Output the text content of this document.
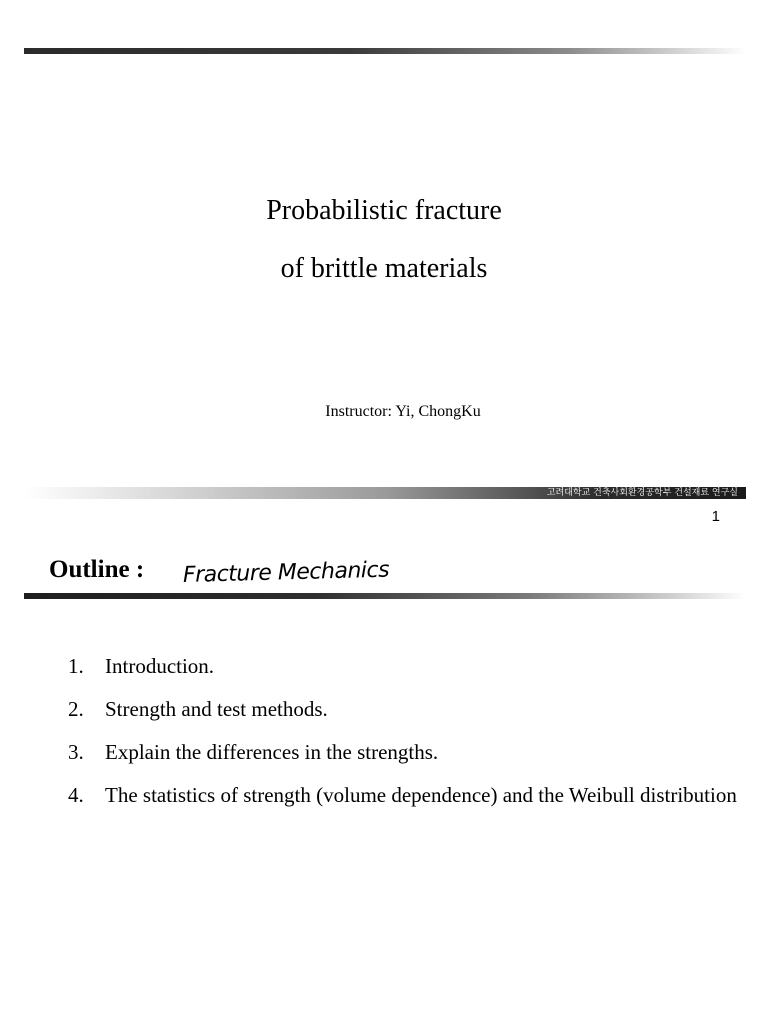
Probabilistic fracture
of brittle materials
Instructor: Yi, ChongKu
고려대학교 건축사회환경공학부 건설재료 연구실
1
Outline : Fracture Mechanics
1. Introduction.
2. Strength and test methods.
3. Explain the differences in the strengths.
4. The statistics of strength (volume dependence) and the Weibull distribution
